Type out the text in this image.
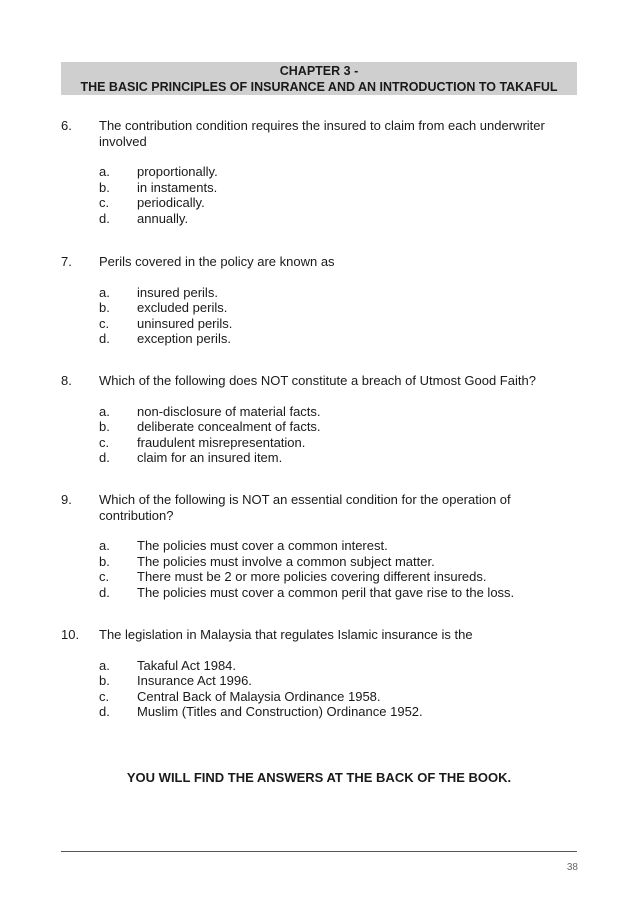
CHAPTER 3 -
THE BASIC PRINCIPLES OF INSURANCE AND AN INTRODUCTION TO TAKAFUL
6. The contribution condition requires the insured to claim from each underwriter involved
a. proportionally.
b. in instaments.
c. periodically.
d. annually.
7. Perils covered in the policy are known as
a. insured perils.
b. excluded perils.
c. uninsured perils.
d. exception perils.
8. Which of the following does NOT constitute a breach of Utmost Good Faith?
a. non-disclosure of material facts.
b. deliberate concealment of facts.
c. fraudulent misrepresentation.
d. claim for an insured item.
9. Which of the following is NOT an essential condition for the operation of contribution?
a. The policies must cover a common interest.
b. The policies must involve a common subject matter.
c. There must be 2 or more policies covering different insureds.
d. The policies must cover a common peril that gave rise to the loss.
10. The legislation in Malaysia that regulates Islamic insurance is the
a. Takaful Act 1984.
b. Insurance Act 1996.
c. Central Back of Malaysia Ordinance 1958.
d. Muslim (Titles and Construction) Ordinance 1952.
YOU WILL FIND THE ANSWERS AT THE BACK OF THE BOOK.
38
